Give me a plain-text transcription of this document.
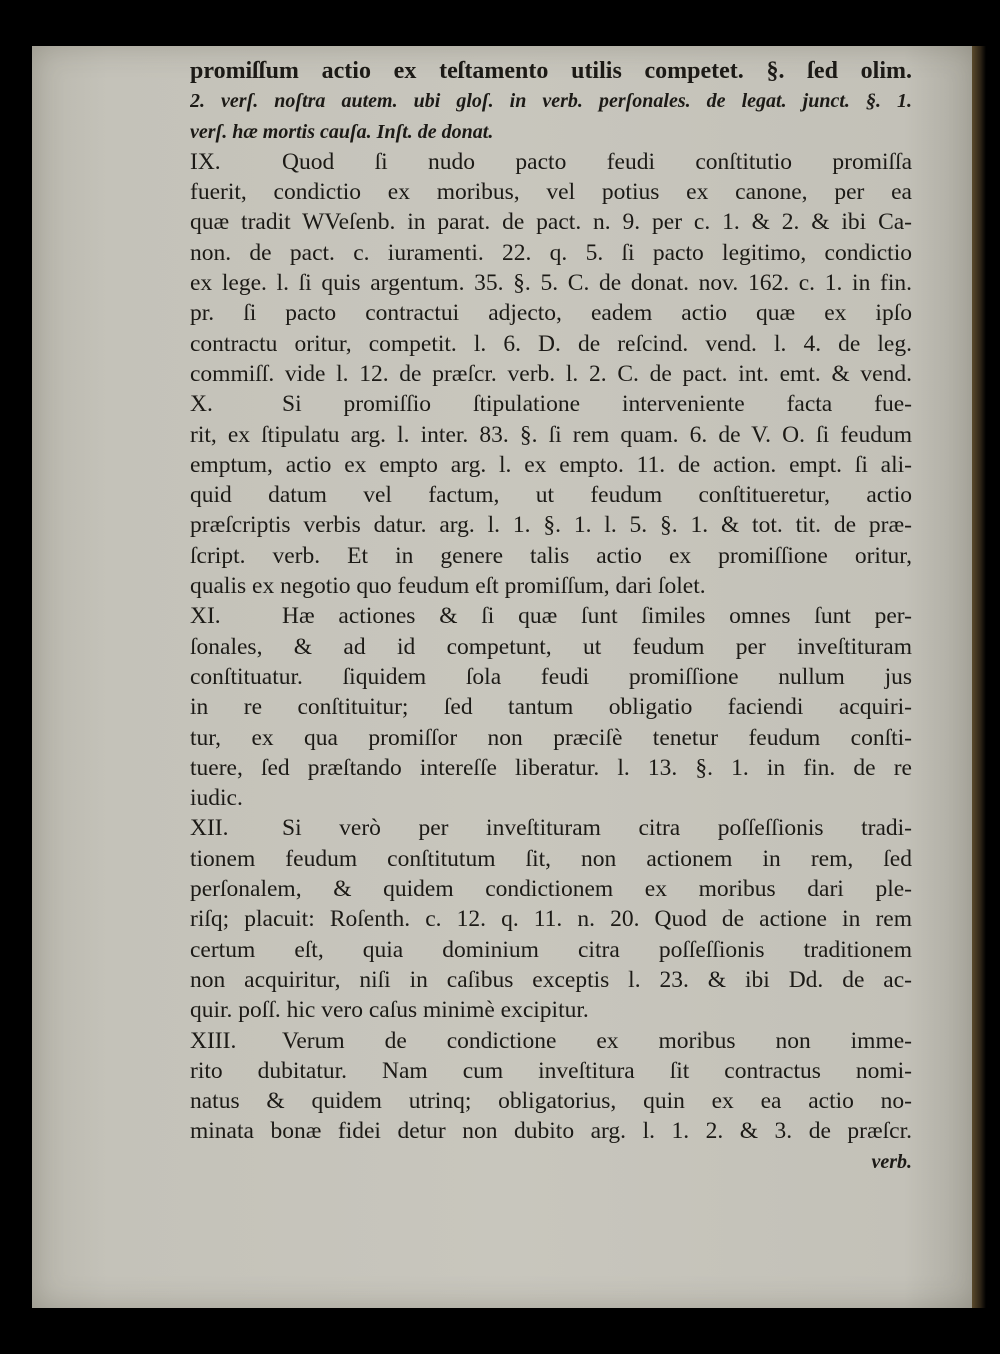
promiſſum actio ex teſtamento utilis competet. §. ſed olim.
2. verſ. noſtra autem. ubi gloſ. in verb. perſonales. de legat. junct. §. 1.
verſ. hæ mortis cauſa. Inſt. de donat.
IX.	Quod ſi nudo pacto feudi conſtitutio promiſſa
fuerit, condictio ex moribus, vel potius ex canone, per ea
quæ tradit WVeſenb. in parat. de pact. n. 9. per c. 1. & 2. & ibi Ca-
non. de pact. c. iuramenti. 22. q. 5. ſi pacto legitimo, condictio
ex lege. l. ſi quis argentum. 35. §. 5. C. de donat. nov. 162. c. 1. in fin.
pr. ſi pacto contractui adjecto, eadem actio quæ ex ipſo
contractu oritur, competit. l. 6. D. de reſcind. vend. l. 4. de leg.
commiſſ. vide l. 12. de præſcr. verb. l. 2. C. de pact. int. emt. & vend.
X.	Si promiſſio ſtipulatione interveniente facta fue-
rit, ex ſtipulatu arg. l. inter. 83. §. ſi rem quam. 6. de V. O. ſi feudum
emptum, actio ex empto arg. l. ex empto. 11. de action. empt. ſi ali-
quid datum vel factum, ut feudum conſtitueretur, actio
præſcriptis verbis datur. arg. l. 1. §. 1. l. 5. §. 1. & tot. tit. de præ-
ſcript. verb. Et in genere talis actio ex promiſſione oritur,
qualis ex negotio quo feudum eſt promiſſum, dari ſolet.
XI.	Hæ actiones & ſi quæ ſunt ſimiles omnes ſunt per-
ſonales, & ad id competunt, ut feudum per inveſtituram
conſtituatur. ſiquidem ſola feudi promiſſione nullum jus
in re conſtituitur; ſed tantum obligatio faciendi acquiri-
tur, ex qua promiſſor non præciſè tenetur feudum conſti-
tuere, ſed præſtando intereſſe liberatur. l. 13. §. 1. in fin. de re
iudic.
XII. Si verò per inveſtituram citra poſſeſſionis tradi-
tionem feudum conſtitutum ſit, non actionem in rem, ſed
perſonalem, & quidem condictionem ex moribus dari ple-
riſq; placuit: Roſenth. c. 12. q. 11. n. 20. Quod de actione in rem
certum eſt, quia dominium citra poſſeſſionis traditionem
non acquiritur, niſi in caſibus exceptis l. 23. & ibi Dd. de ac-
quir. poſſ. hic vero caſus minimè excipitur.
XIII. Verum de condictione ex moribus non imme-
rito dubitatur. Nam cum inveſtitura ſit contractus nomi-
natus & quidem utrinq; obligatorius, quin ex ea actio no-
minata bonæ fidei detur non dubito arg. l. 1. 2. & 3. de præſcr.
verb.
